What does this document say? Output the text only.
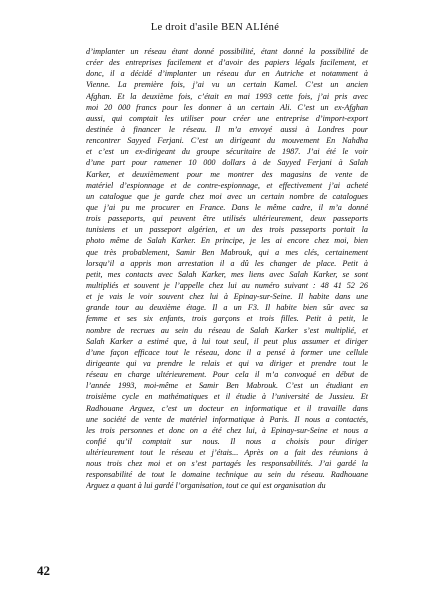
Le droit d'asile BEN ALIéné
d’implanter un réseau étant donné possibilité, étant donné la possibilité de
créer des entreprises facilement et d’avoir des papiers légals facilement, et
donc, il a décidé d’implanter un réseau dur en Autriche et notamment à
Vienne. La première fois, j’ai vu un certain Kamel. C’est un ancien
Afghan. Et la deuxième fois, c’était en mai 1993 cette fois, j’ai pris avec
moi 20 000 francs pour les donner à un certain Ali. C’est un ex-Afghan
aussi, qui comptait les utiliser pour créer une entreprise d’import-export
destinée à financer le réseau. Il m’a envoyé aussi à Londres pour
rencontrer Sayyed Ferjani. C’est un dirigeant du mouvement En Nahdha
et c’est un ex-dirigeant du groupe sécuritaire de 1987. J’ai été le voir
d’une part pour ramener 10 000 dollars à de Sayyed Ferjani à Salah
Karker, et deuxièmement pour me montrer des magasins de vente de
matériel d’espionnage et de contre-espionnage, et effectivement j’ai acheté
un catalogue que je garde chez moi avec un certain nombre de catalogues
que j’ai pu me procurer en France. Dans le même cadre, il m’a donné
trois passeports, qui peuvent être utilisés ultérieurement, deux passeports
tunisiens et un passeport algérien, et un des trois passeports portait la
photo même de Salah Karker. En principe, je les ai encore chez moi, bien
que très probablement, Samir Ben Mabrouk, qui a mes clés, certainement
lorsqu’il a appris mon arrestation il a dû les changer de place. Petit à
petit, mes contacts avec Salah Karker, mes liens avec Salah Karker, se sont
multipliés et souvent je l’appelle chez lui au numéro suivant : 48 41 52 26
et je vais le voir souvent chez lui à Epinay-sur-Seine. Il habite dans une
grande tour au deuxième étage. Il a un F3. Il habite bien sûr avec sa
femme et ses six enfants, trois garçons et trois filles. Petit à petit, le
nombre de recrues au sein du réseau de Salah Karker s’est multiplié, et
Salah Karker a estimé que, à lui tout seul, il peut plus assumer et diriger
d’une façon efficace tout le réseau, donc il a pensé à former une cellule
dirigeante qui va prendre le relais et qui va diriger et prendre tout le
réseau en charge ultérieurement. Pour cela il m’a convoqué en début de
l’année 1993, moi-même et Samir Ben Mabrouk. C’est un étudiant en
troisième cycle en mathématiques et il étudie à l’université de Jussieu. Et
Radhouane Arguez, c’est un docteur en informatique et il travaille dans
une société de vente de matériel informatique à Paris. Il nous a contactés,
les trois personnes et donc on a été chez lui, à Epinay-sur-Seine et nous a
confié qu’il comptait sur nous. Il nous a choisis pour diriger
ultérieurement tout le réseau et j’étais... Après on a fait des réunions à
nous trois chez moi et on s’est partagés les responsabilités. J’ai gardé la
responsabilité de tout le domaine technique au sein du réseau. Radhouane
Arguez a quant à lui gardé l’organisation, tout ce qui est organisation du
42
